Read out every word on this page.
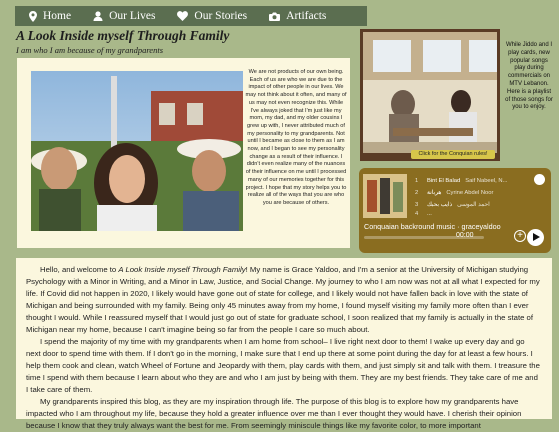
Home	Our Lives	Our Stories	Artifacts
A Look Inside myself Through Family
I am who I am because of my grandparents
We are not products of our own being. Each of us are who we are due to the impact of other people in our lives. We may not think about it often, and many of us may not even recognize this. While I've always joked that I'm just like my mom, my dad, and my older cousins I grew up with, I never attributed much of my personality to my grandparents. Not until I became as close to them as I am now, and I began to see my personality change as a result of their influence. I didn't even realize many of the nuances of their influence on me until I processed many of our memories together for this project. I hope that my story helps you to realize all of the ways that you are who you are because of others.
Click for the Conquian rules!
While Jiddo and I play cards, new popular songs play during commercials on MTV Lebanon. Here is a playlist of those songs for you to enjoy.
1	Bint El Balad Saif Nabeel, N...
2	هربانة Cyrine Abdel Noor
3	ذايب بحبك احمد الموسى
4	...
Conquaian backround music · graceyaldoo
00:00	+

Hello, and welcome to A Look Inside myself Through Family! My name is Grace Yaldoo, and I'm a senior at the University of Michigan studying Psychology with a Minor in Writing, and a Minor in Law, Justice, and Social Change. My journey to who I am now was not at all what I expected for my life. If Covid did not happen in 2020, I likely would have gone out of state for college, and I likely would not have fallen back in love with the state of Michigan and being surrounded with my family. Being only 45 minutes away from my home, I found myself visiting my family more often than I ever thought I would. While I reassured myself that I would just go out of state for graduate school, I soon realized that my family is actually in the state of Michigan near my home, because I can't imagine being so far from the people I care so much about.

I spend the majority of my time with my grandparents when I am home from school– I live right next door to them! I wake up every day and go next door to spend time with them. If I don't go in the morning, I make sure that I end up there at some point during the day for at least a few hours. I help them cook and clean, watch Wheel of Fortune and Jeopardy with them, play cards with them, and just simply sit and talk with them. I treasure the time I spend with them because I learn about who they are and who I am just by being with them. They are my best friends. They take care of me and I take care of them.

My grandparents inspired this blog, as they are my inspiration through life. The purpose of this blog is to explore how my grandparents have impacted who I am throughout my life, because they hold a greater influence over me than I ever thought they would have. I cherish their opinion because I know that they truly always want the best for me. From seemingly miniscule things like my favorite color, to more important
